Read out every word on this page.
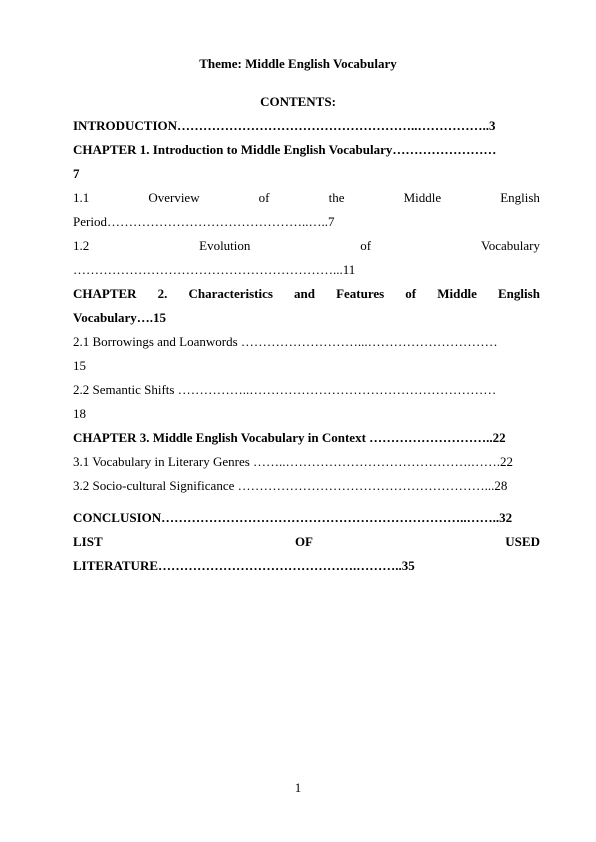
Theme: Middle English Vocabulary
CONTENTS:
INTRODUCTION………………………………………………..……………..3
CHAPTER 1. Introduction to Middle English Vocabulary……………………
7
1.1	Overview	of	the	Middle	English
Period………………………………………..…..7
1.2	Evolution	of	Vocabulary
……………………………………………………...11
CHAPTER 2. Characteristics and Features of Middle English
Vocabulary….15
2.1 Borrowings and Loanwords ………………………...…………………………
15
2.2 Semantic Shifts ……………..…………………………………………………
18
CHAPTER 3. Middle English Vocabulary in Context ………………………..22
3.1 Vocabulary in Literary Genres ……..…………………………………….…….22
3.2 Socio-cultural Significance …………………………………………………...28
CONCLUSION……………………………………………………………..……..32
LIST	OF	USED
LITERATURE……………………………………….………..35
1
